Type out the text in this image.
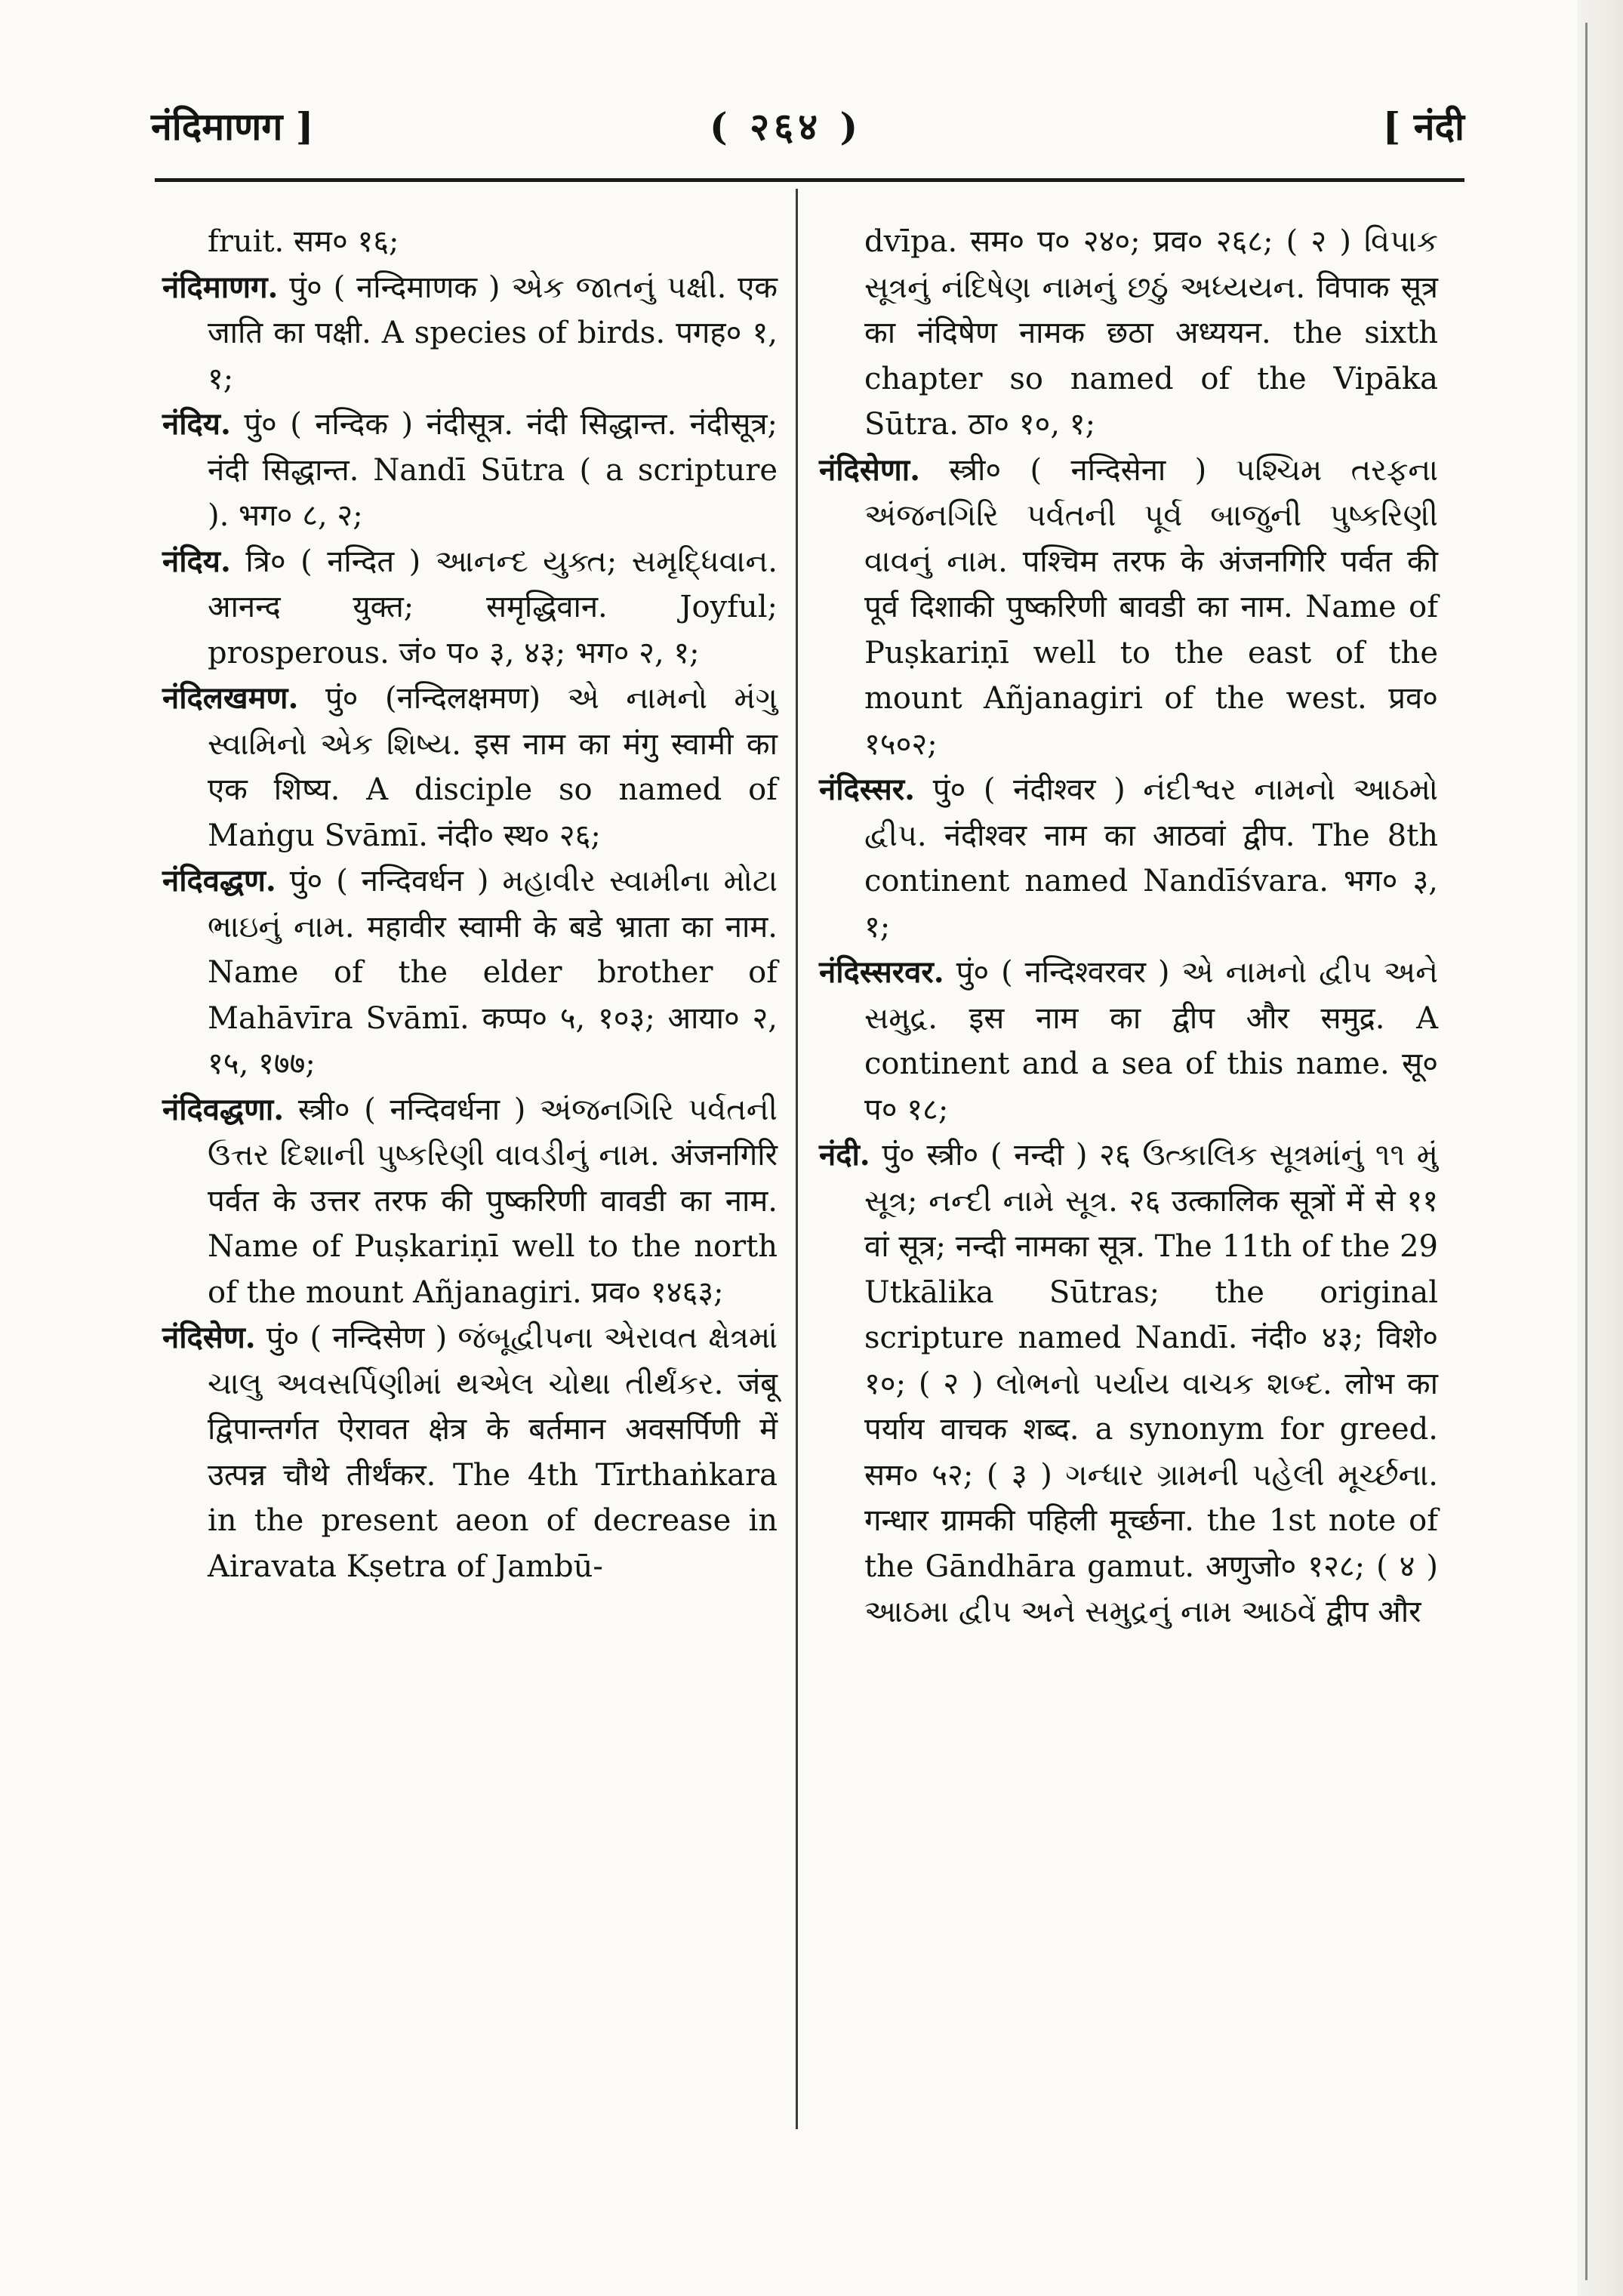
नंदिमाणग ]	( २६४ )	[ नंदी

fruit. सम० १६;

नंदिमाणग. पुं० ( नन्दिमाणक ) એક જાતનું પક્ષી. एक जाति का पक्षी. A species of birds. पगह० १, १;

नंदिय. पुं० ( नन्दिक ) नंदीसूत्र. नंदी सिद्धान्त. नंदीसूत्र; नंदी सिद्धान्त. Nandī Sūtra ( a scripture ). भग० ८, २;

नंदिय. त्रि० ( नन्दित ) આનન્દ યુક્ત; સમૃદ્ધિવાન. आनन्द युक्त; समृद्धिवान. Joyful; prosperous. जं० प० ३, ४३; भग० २, १;

नंदिलखमण. पुं० (नन्दिलक्षमण) એ નામનો મંગુ સ્વામિનો એક શિષ્ય. इस नाम का मंगु स्वामी का एक शिष्य. A disciple so named of Maṅgu Svāmī. नंदी० स्थ० २६;

नंदिवद्धण. पुं० ( नन्दिवर्धन ) મહાવીર સ્વામીના મોટા ભાઇનું નામ. महावीर स्वामी के बडे भ्राता का नाम. Name of the elder brother of Mahāvīra Svāmī. कप्प० ५, १०३; आया० २, १५, १७७;

नंदिवद्धणा. स्त्री० ( नन्दिवर्धना ) અંજનગિરિ પર્વતની ઉત્તર દિશાની પુષ્કરિણી વાવડીનું નામ. अंजनगिरि पर्वत के उत्तर तरफ की पुष्करिणी वावडी का नाम. Name of Puṣkariṇī well to the north of the mount Añjanagiri. प्रव० १४६३;

नंदिसेण. पुं० ( नन्दिसेण ) જંબૂદ્વીપના એરાવત ક્ષેત્રમાં ચાલુ અવસર્પિણીમાં થએલ ચોથા તીર્થંકર. जंबू द्विपान्तर्गत ऐरावत क्षेत्र के बर्तमान अवसर्पिणी में उत्पन्न चौथे तीर्थंकर. The 4th Tīrthaṅkara in the present aeon of decrease in Airavata Kṣetra of Jambū-

dvīpa. सम० प० २४०; प्रव० २६८; ( २ ) વિપાક સૂત્રનું નંદિષેણ નામનું છઠું અધ્યયન. विपाक सूत्र का नंदिषेण नामक छठा अध्ययन. the sixth chapter so named of the Vipāka Sūtra. ठा० १०, १;

नंदिसेणा. स्त्री० ( नन्दिसेना ) પશ્ચિમ તરફના અંજનગિરિ પર્વતની પૂર્વ બાજુની પુષ્કરિણી વાવનું નામ. पश्चिम तरफ के अंजनगिरि पर्वत की पूर्व दिशाकी पुष्करिणी बावडी का नाम. Name of Puṣkariṇī well to the east of the mount Añjanagiri of the west. प्रव० १५०२;

नंदिस्सर. पुं० ( नंदीश्वर ) નંદીશ્વર નામનો આઠમો દ્વીપ. नंदीश्वर नाम का आठवां द्वीप. The 8th continent named Nandīśvara. भग० ३, १;

नंदिस्सरवर. पुं० ( नन्दिश्वरवर ) એ નામનો દ્વીપ અને સમુદ્ર. इस नाम का द्वीप और समुद्र. A continent and a sea of this name. सू० प० १८;

नंदी. पुं० स्त्री० ( नन्दी ) २६ ઉત્કાલિક સૂત્રમાંનું ૧૧ મું સૂત્ર; નન્દી નામે સૂત્ર. २६ उत्कालिक सूत्रों में से ११ वां सूत्र; नन्दी नामका सूत्र. The 11th of the 29 Utkālika Sūtras; the original scripture named Nandī. नंदी० ४३; विशे० १०; ( २ ) લોભનો પર્યાય વાચક શબ્દ. लोभ का पर्याय वाचक शब्द. a synonym for greed. सम० ५२; ( ३ ) ગન્ધાર ગ્રામની પહેલી મૂર્ચ્છના. गन्धार ग्रामकी पहिली मूर्च्छना. the 1st note of the Gāndhāra gamut. अणुजो० १२८; ( ४ ) આઠમા દ્વીપ અને સમુદ્રનું નામ આઠવેં द्वीप और
